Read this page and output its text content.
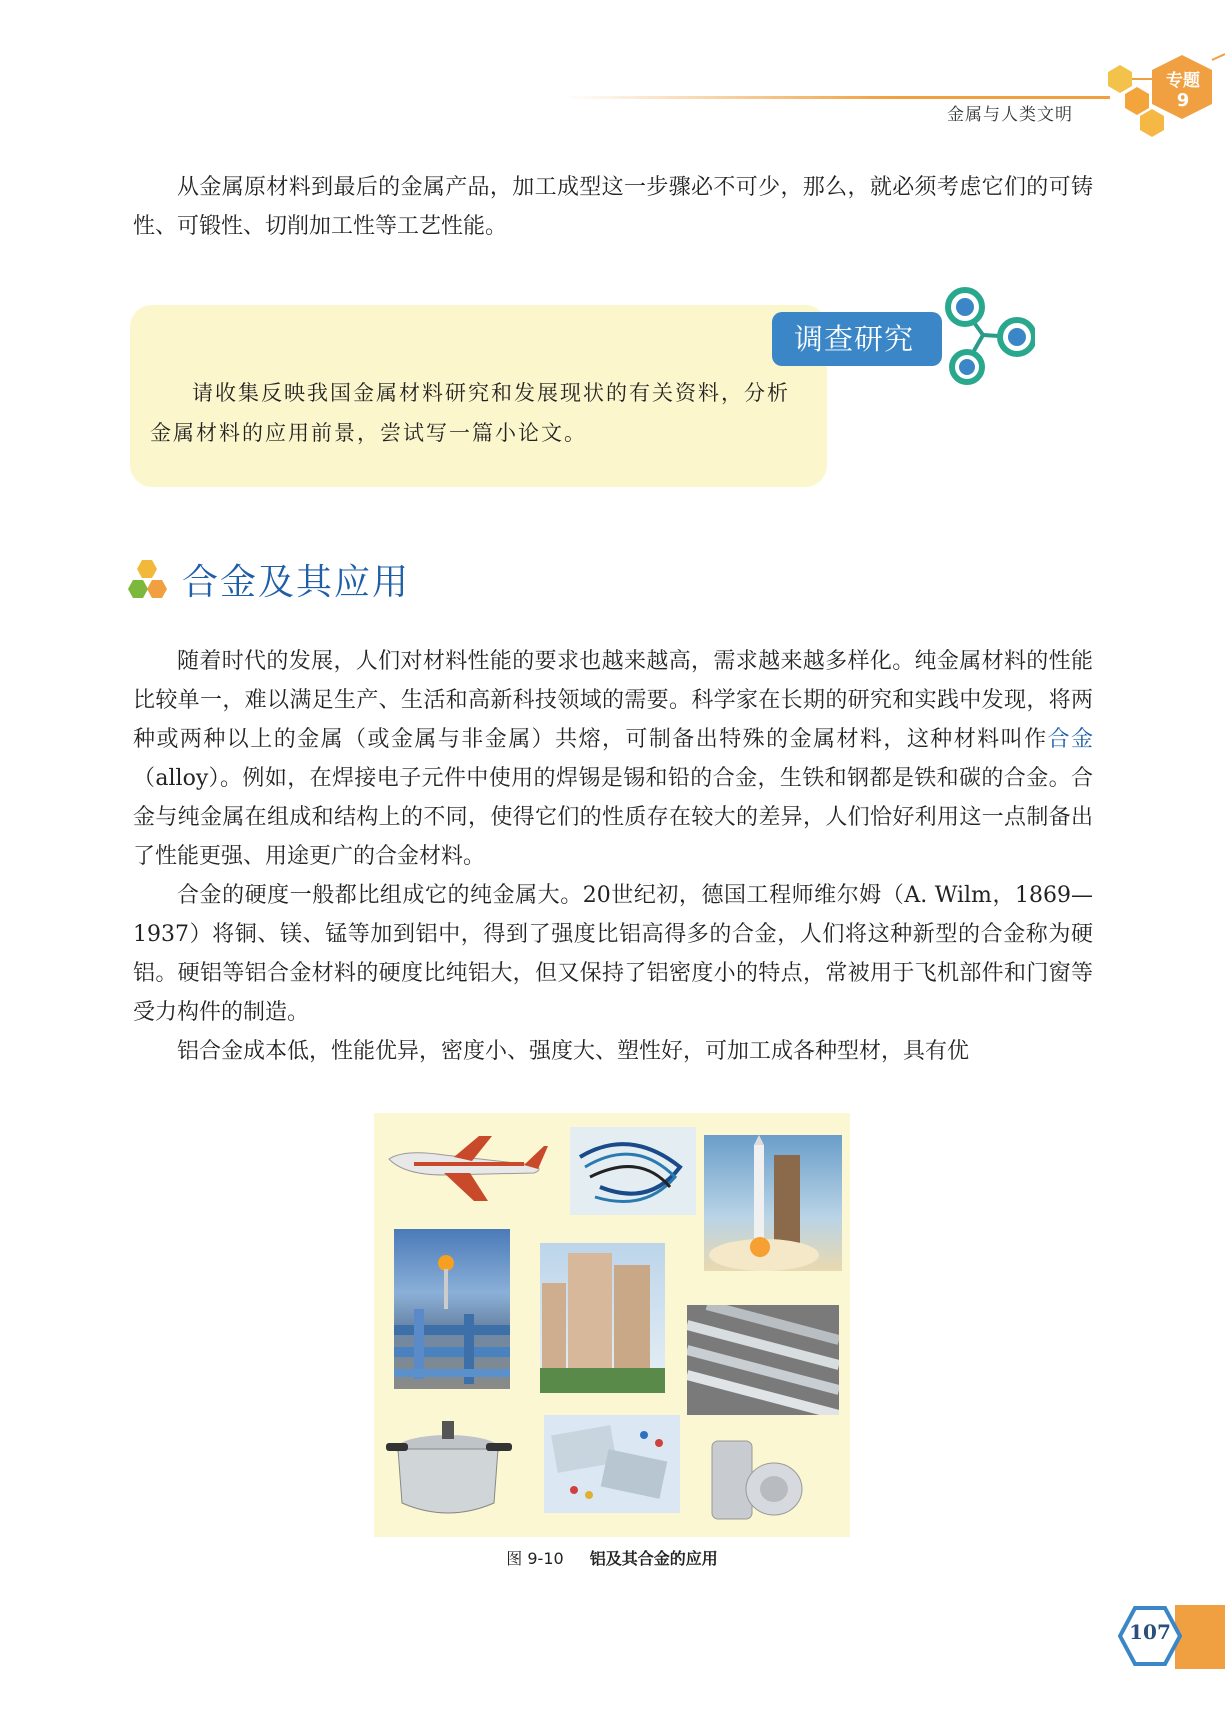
金属与人类文明
专题
9

从金属原材料到最后的金属产品，加工成型这一步骤必不可少，那么，就必须考虑它们的可铸性、可锻性、切削加工性等工艺性能。

请收集反映我国金属材料研究和发展现状的有关资料，分析金属材料的应用前景，尝试写一篇小论文。

调查研究
合金及其应用

随着时代的发展，人们对材料性能的要求也越来越高，需求越来越多样化。纯金属材料的性能比较单一，难以满足生产、生活和高新科技领域的需要。科学家在长期的研究和实践中发现，将两种或两种以上的金属（或金属与非金属）共熔，可制备出特殊的金属材料，这种材料叫作合金（alloy）。例如，在焊接电子元件中使用的焊锡是锡和铅的合金，生铁和钢都是铁和碳的合金。合金与纯金属在组成和结构上的不同，使得它们的性质存在较大的差异，人们恰好利用这一点制备出了性能更强、用途更广的合金材料。

合金的硬度一般都比组成它的纯金属大。20世纪初，德国工程师维尔姆（A. Wilm，1869—1937）将铜、镁、锰等加到铝中，得到了强度比铝高得多的合金，人们将这种新型的合金称为硬铝。硬铝等铝合金材料的硬度比纯铝大，但又保持了铝密度小的特点，常被用于飞机部件和门窗等受力构件的制造。

铝合金成本低，性能优异，密度小、强度大、塑性好，可加工成各种型材，具有优

图 9-10 铝及其合金的应用
107
